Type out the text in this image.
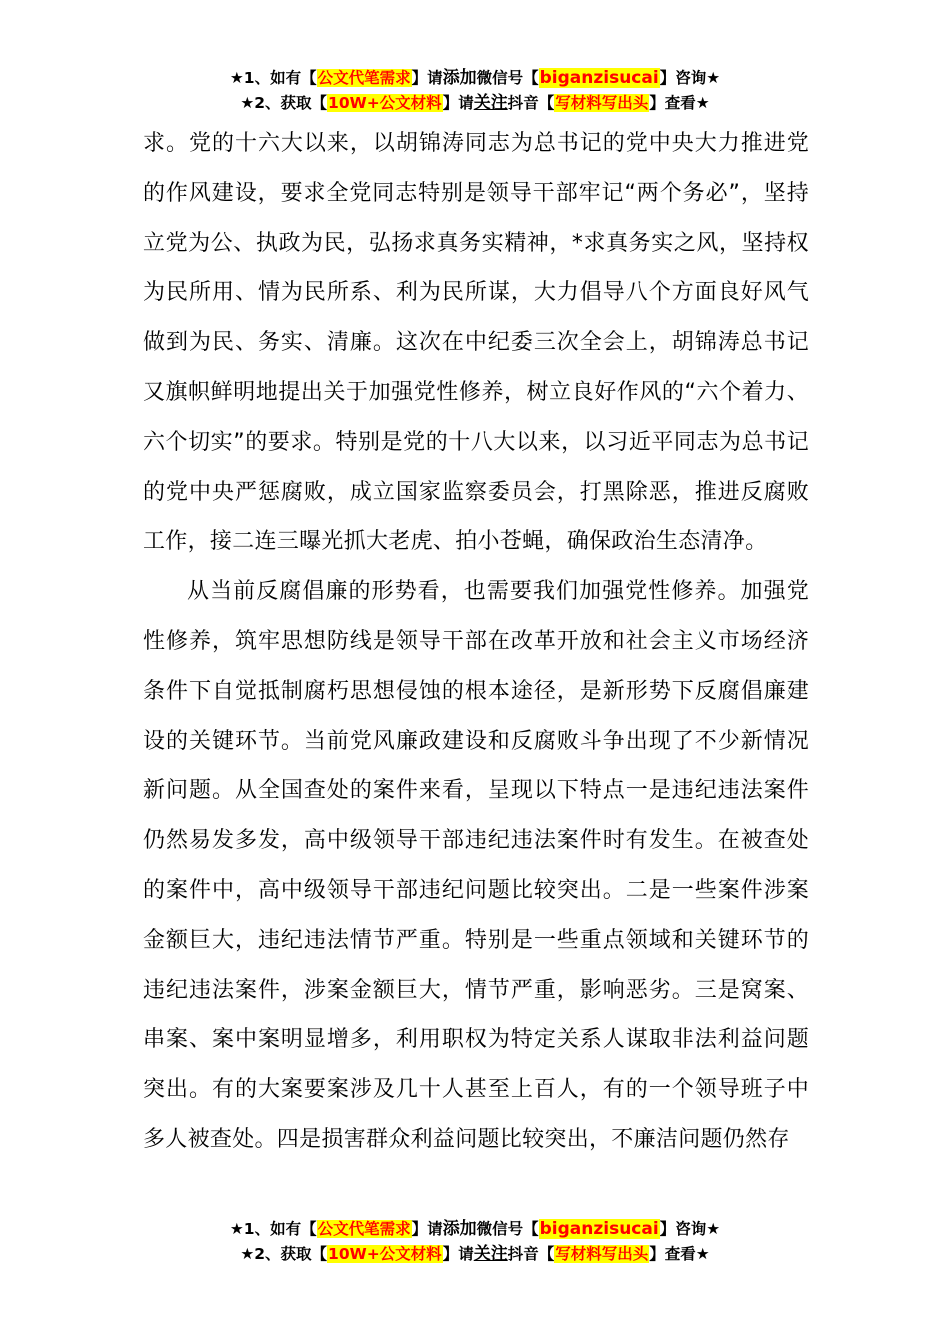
★1、如有【公文代笔需求】请添加微信号【biganzisucai】咨询★
★2、获取【10W+公文材料】请关注抖音【写材料写出头】查看★

求。党的十六大以来，以胡锦涛同志为总书记的党中央大力推进党的作风建设，要求全党同志特别是领导干部牢记“两个务必”，坚持立党为公、执政为民，弘扬求真务实精神，*求真务实之风，坚持权为民所用、情为民所系、利为民所谋，大力倡导八个方面良好风气做到为民、务实、清廉。这次在中纪委三次全会上，胡锦涛总书记又旗帜鲜明地提出关于加强党性修养，树立良好作风的“六个着力、六个切实”的要求。特别是党的十八大以来，以习近平同志为总书记的党中央严惩腐败，成立国家监察委员会，打黑除恶，推进反腐败工作，接二连三曝光抓大老虎、拍小苍蝇，确保政治生态清净。

从当前反腐倡廉的形势看，也需要我们加强党性修养。加强党性修养，筑牢思想防线是领导干部在改革开放和社会主义市场经济条件下自觉抵制腐朽思想侵蚀的根本途径，是新形势下反腐倡廉建设的关键环节。当前党风廉政建设和反腐败斗争出现了不少新情况新问题。从全国查处的案件来看，呈现以下特点一是违纪违法案件仍然易发多发，高中级领导干部违纪违法案件时有发生。在被查处的案件中，高中级领导干部违纪问题比较突出。二是一些案件涉案金额巨大，违纪违法情节严重。特别是一些重点领域和关键环节的违纪违法案件，涉案金额巨大，情节严重，影响恶劣。三是窝案、串案、案中案明显增多，利用职权为特定关系人谋取非法利益问题突出。有的大案要案涉及几十人甚至上百人，有的一个领导班子中多人被查处。四是损害群众利益问题比较突出，不廉洁问题仍然存

★1、如有【公文代笔需求】请添加微信号【biganzisucai】咨询★
★2、获取【10W+公文材料】请关注抖音【写材料写出头】查看★
